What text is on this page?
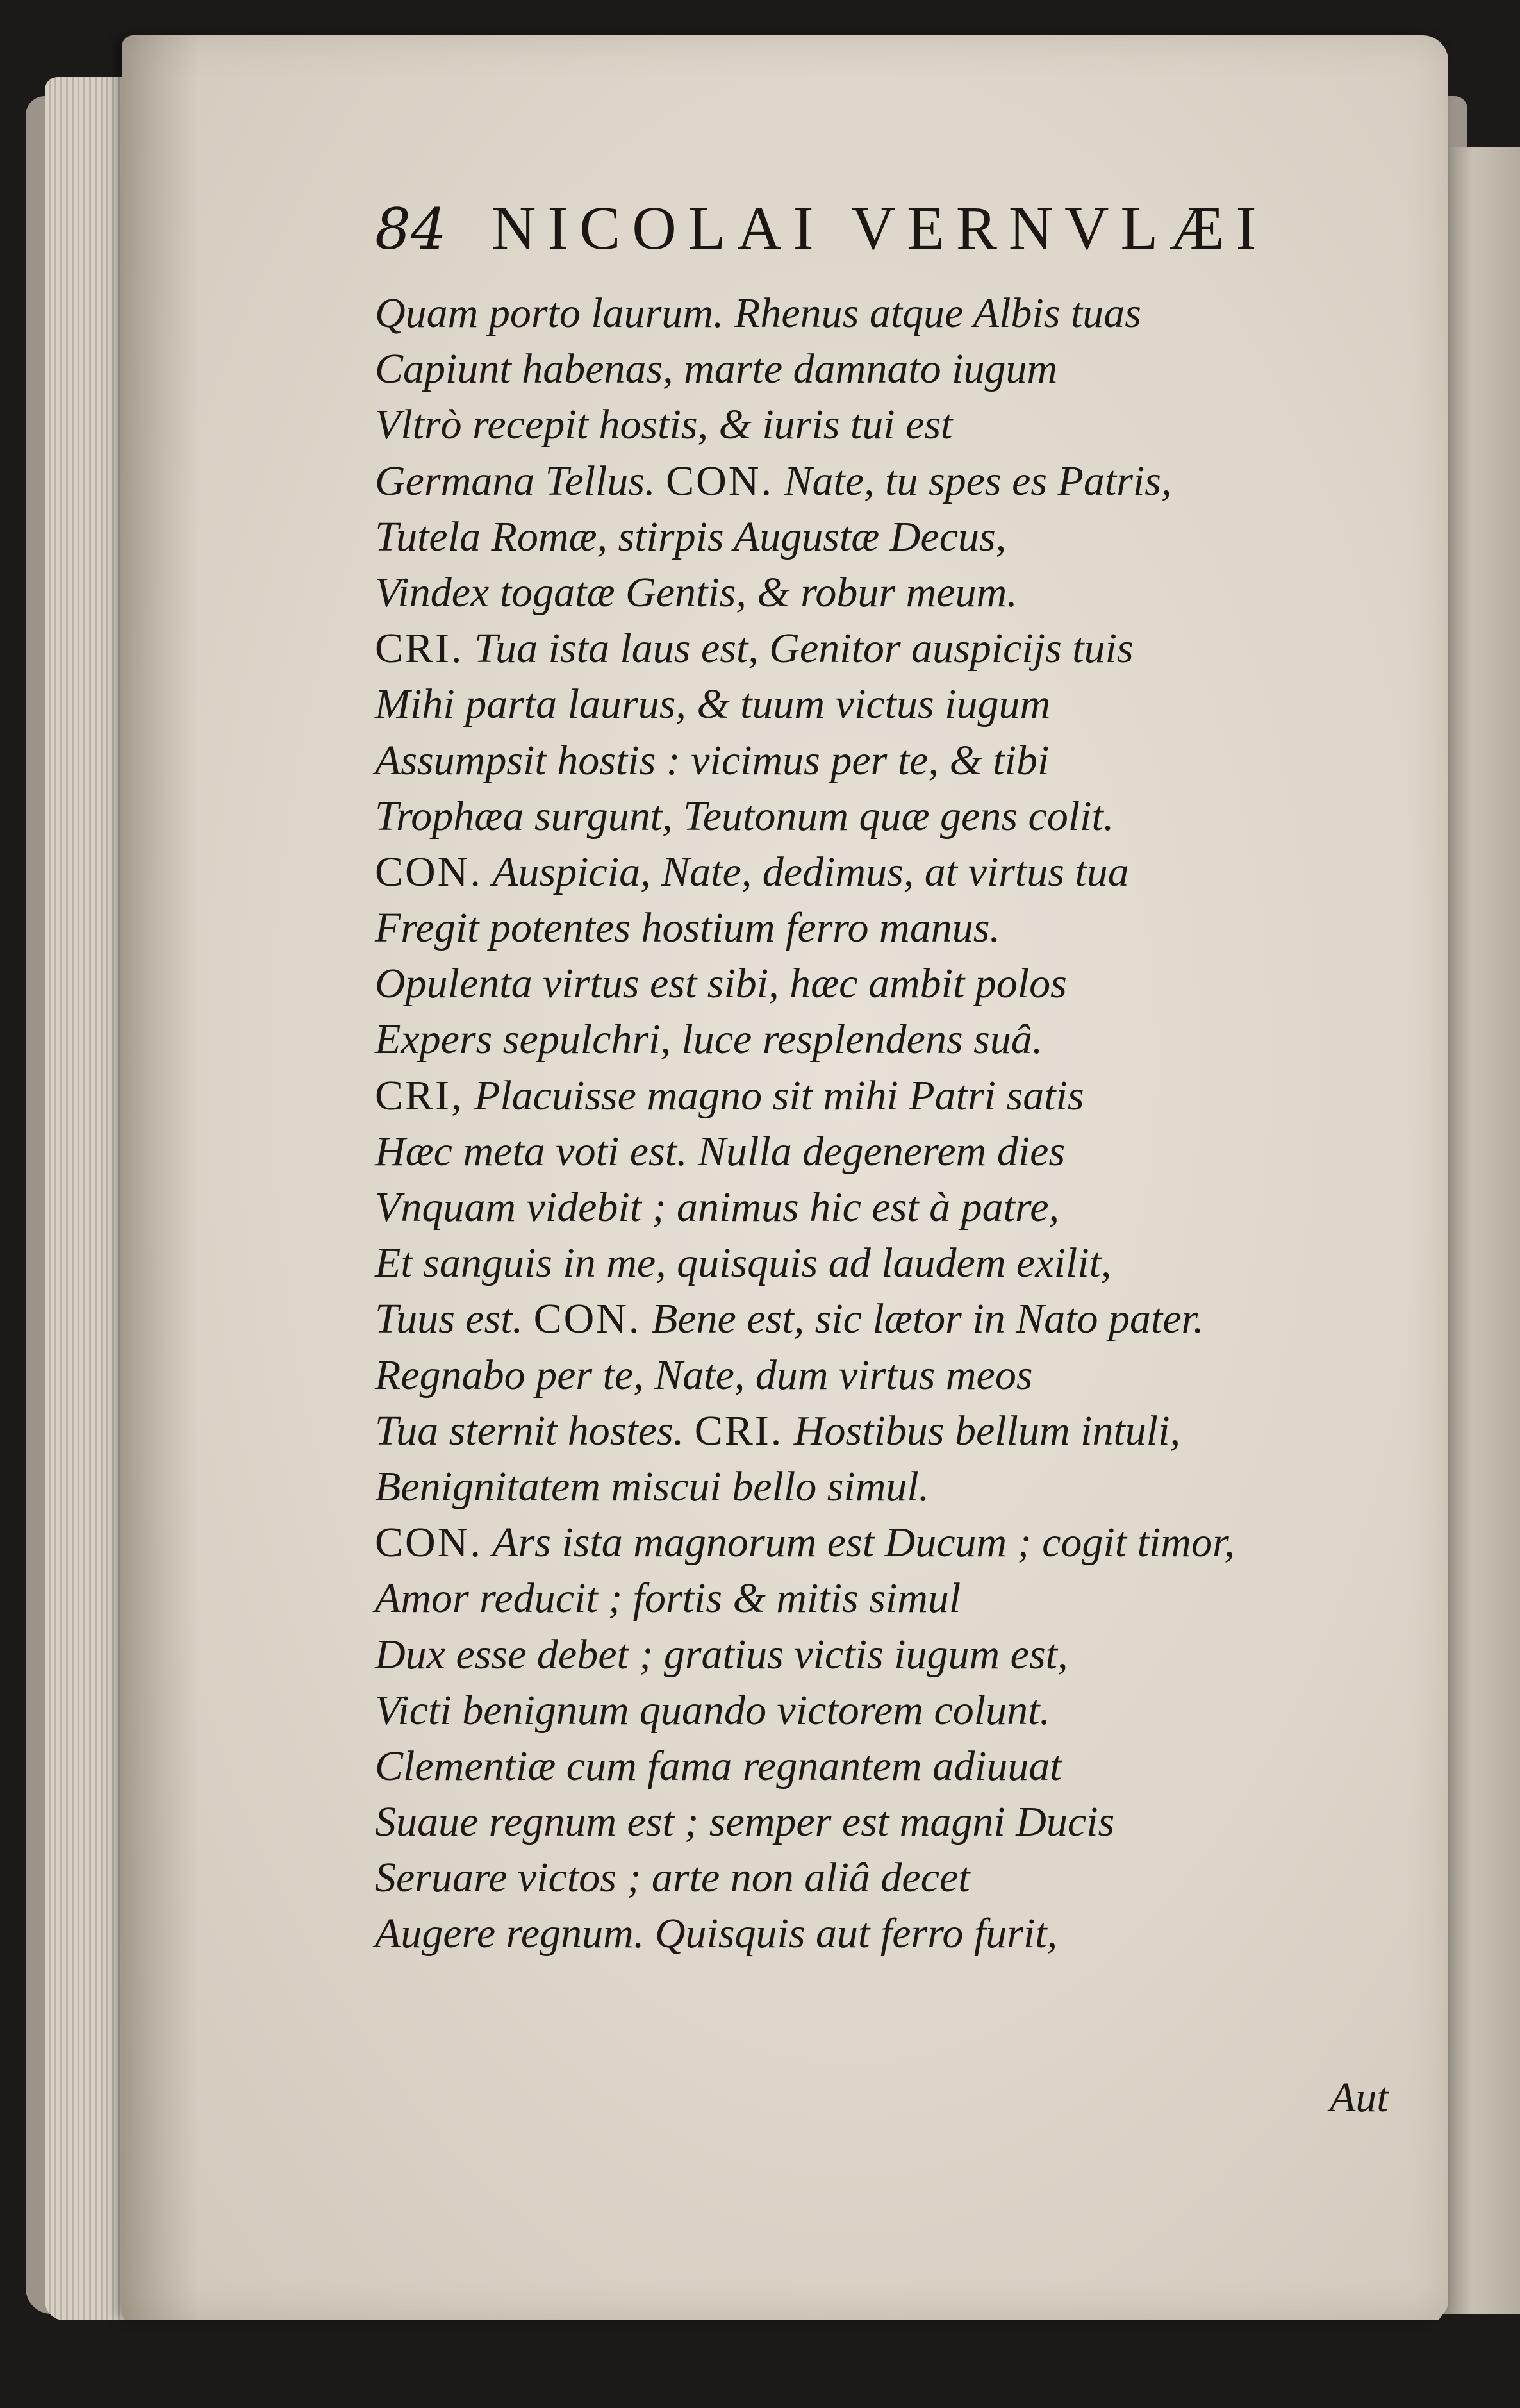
84 NICOLAI VERNVLÆI
Quam porto laurum. Rhenus atque Albis tuas
Capiunt habenas, marte damnato iugum
Vltrò recepit hostis, & iuris tui est
Germana Tellus. CON. Nate, tu spes es Patris,
Tutela Romæ, stirpis Augustæ Decus,
Vindex togatæ Gentis, & robur meum.
CRI. Tua ista laus est, Genitor auspicijs tuis
Mihi parta laurus, & tuum victus iugum
Assumpsit hostis : vicimus per te, & tibi
Trophæa surgunt, Teutonum quæ gens colit.
CON. Auspicia, Nate, dedimus, at virtus tua
Fregit potentes hostium ferro manus.
Opulenta virtus est sibi, hæc ambit polos
Expers sepulchri, luce resplendens suâ.
CRI, Placuisse magno sit mihi Patri satis
Hæc meta voti est. Nulla degenerem dies
Vnquam videbit ; animus hic est à patre,
Et sanguis in me, quisquis ad laudem exilit,
Tuus est. CON. Bene est, sic lætor in Nato pater.
Regnabo per te, Nate, dum virtus meos
Tua sternit hostes. CRI. Hostibus bellum intuli,
Benignitatem miscui bello simul.
CON. Ars ista magnorum est Ducum ; cogit timor,
Amor reducit ; fortis & mitis simul
Dux esse debet ; gratius victis iugum est,
Victi benignum quando victorem colunt.
Clementiæ cum fama regnantem adiuuat
Suaue regnum est ; semper est magni Ducis
Seruare victos ; arte non aliâ decet
Augere regnum. Quisquis aut ferro furit,
Aut
